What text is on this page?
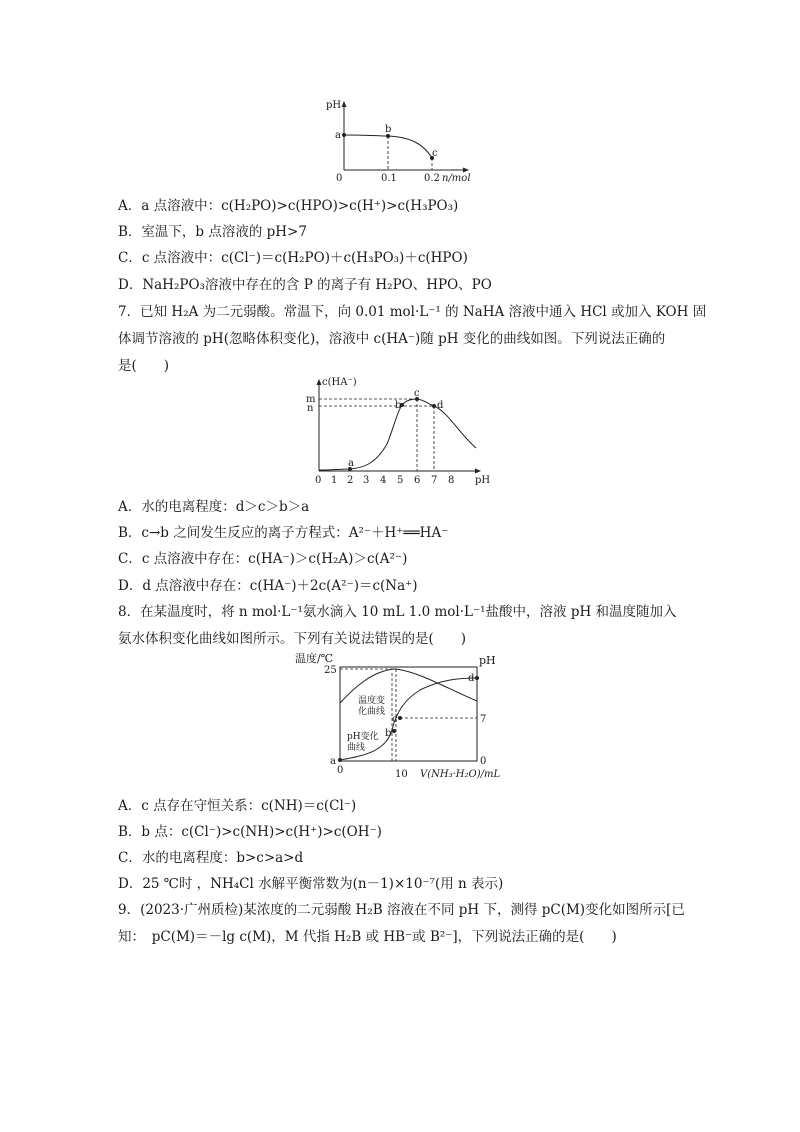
pH
a
b
c
0	0.1	0.2 n/mol
A．a 点溶液中：c(H₂PO)>c(HPO)>c(H⁺)>c(H₃PO₃)
B．室温下，b 点溶液的 pH>7
C．c 点溶液中：c(Cl⁻)＝c(H₂PO)＋c(H₃PO₃)＋c(HPO)
D．NaH₂PO₃溶液中存在的含 P 的离子有 H₂PO、HPO、PO
7．已知 H₂A 为二元弱酸。常温下，向 0.01 mol·L⁻¹ 的 NaHA 溶液中通入 HCl 或加入 KOH 固
体调节溶液的 pH(忽略体积变化)，溶液中 c(HA⁻)随 pH 变化的曲线如图。下列说法正确的
是(　　)
c(HA⁻)
m
n
a
b
c
d
0 1 2 3 4 5 6 7 8 pH
A．水的电离程度：d＞c＞b＞a
B．c→b 之间发生反应的离子方程式：A²⁻＋H⁺══HA⁻
C．c 点溶液中存在：c(HA⁻)＞c(H₂A)＞c(A²⁻)
D．d 点溶液中存在：c(HA⁻)＋2c(A²⁻)＝c(Na⁺)
8．在某温度时，将 n mol·L⁻¹氨水滴入 10 mL 1.0 mol·L⁻¹盐酸中，溶液 pH 和温度随加入
氨水体积变化曲线如图所示。下列有关说法错误的是(　　)
温度/℃	pH
25
7
0
0	10 V(NH₃·H₂O)/mL
温度变
化曲线
pH变化
曲线
a
b
c
d
A．c 点存在守恒关系：c(NH)＝c(Cl⁻)
B．b 点：c(Cl⁻)>c(NH)>c(H⁺)>c(OH⁻)
C．水的电离程度：b>c>a>d
D．25 ℃时 ，NH₄Cl 水解平衡常数为(n－1)×10⁻⁷(用 n 表示)
9．(2023·广州质检)某浓度的二元弱酸 H₂B 溶液在不同 pH 下，测得 pC(M)变化如图所示[已
知：　pC(M)＝－lg c(M)，M 代指 H₂B 或 HB⁻或 B²⁻]，下列说法正确的是(　　)
